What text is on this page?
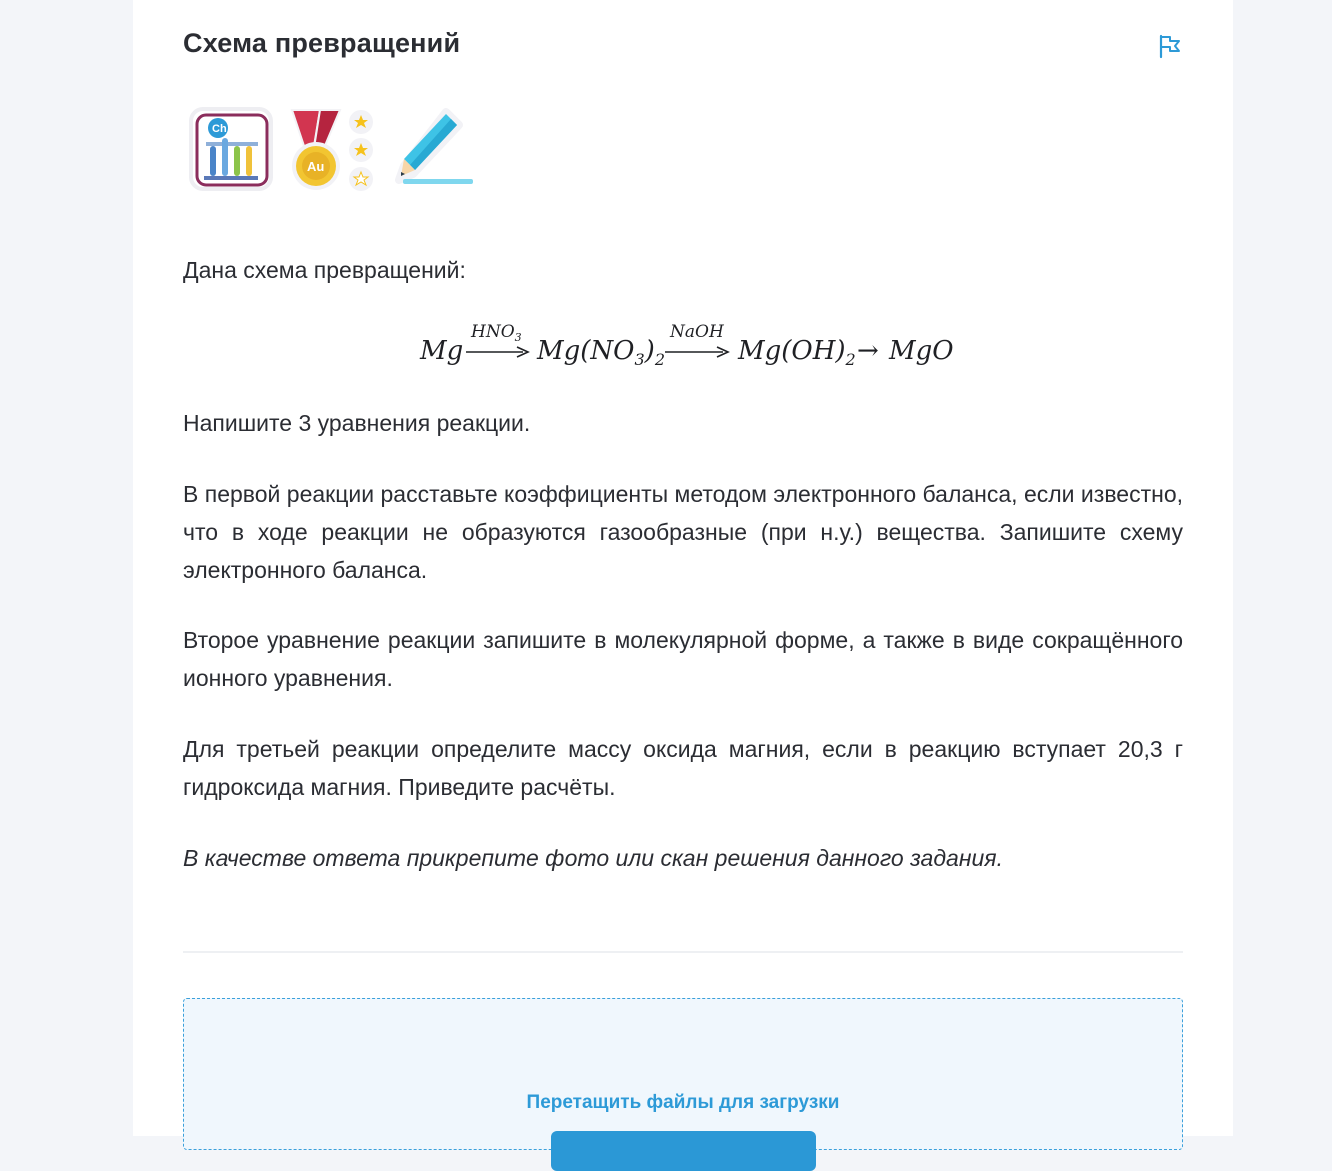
Схема превращений
Ch
Au

Дана схема превращений:

Mg
$HNO_3$ $Mg(NO_3)_2$
NaOH
$Mg(OH)_2$ → MgO

Напишите 3 уравнения реакции.

В первой реакции расставьте коэффициенты методом электронного баланса, если известно, что в ходе реакции не образуются газообразные (при н.у.) вещества. Запишите схему электронного баланса.

Второе уравнение реакции запишите в молекулярной форме, а также в виде сокращённого ионного уравнения.

Для третьей реакции определите массу оксида магния, если в реакцию вступает 20,3 г гидроксида магния. Приведите расчёты.

В качестве ответа прикрепите фото или скан решения данного задания.

Перетащить файлы для загрузки
